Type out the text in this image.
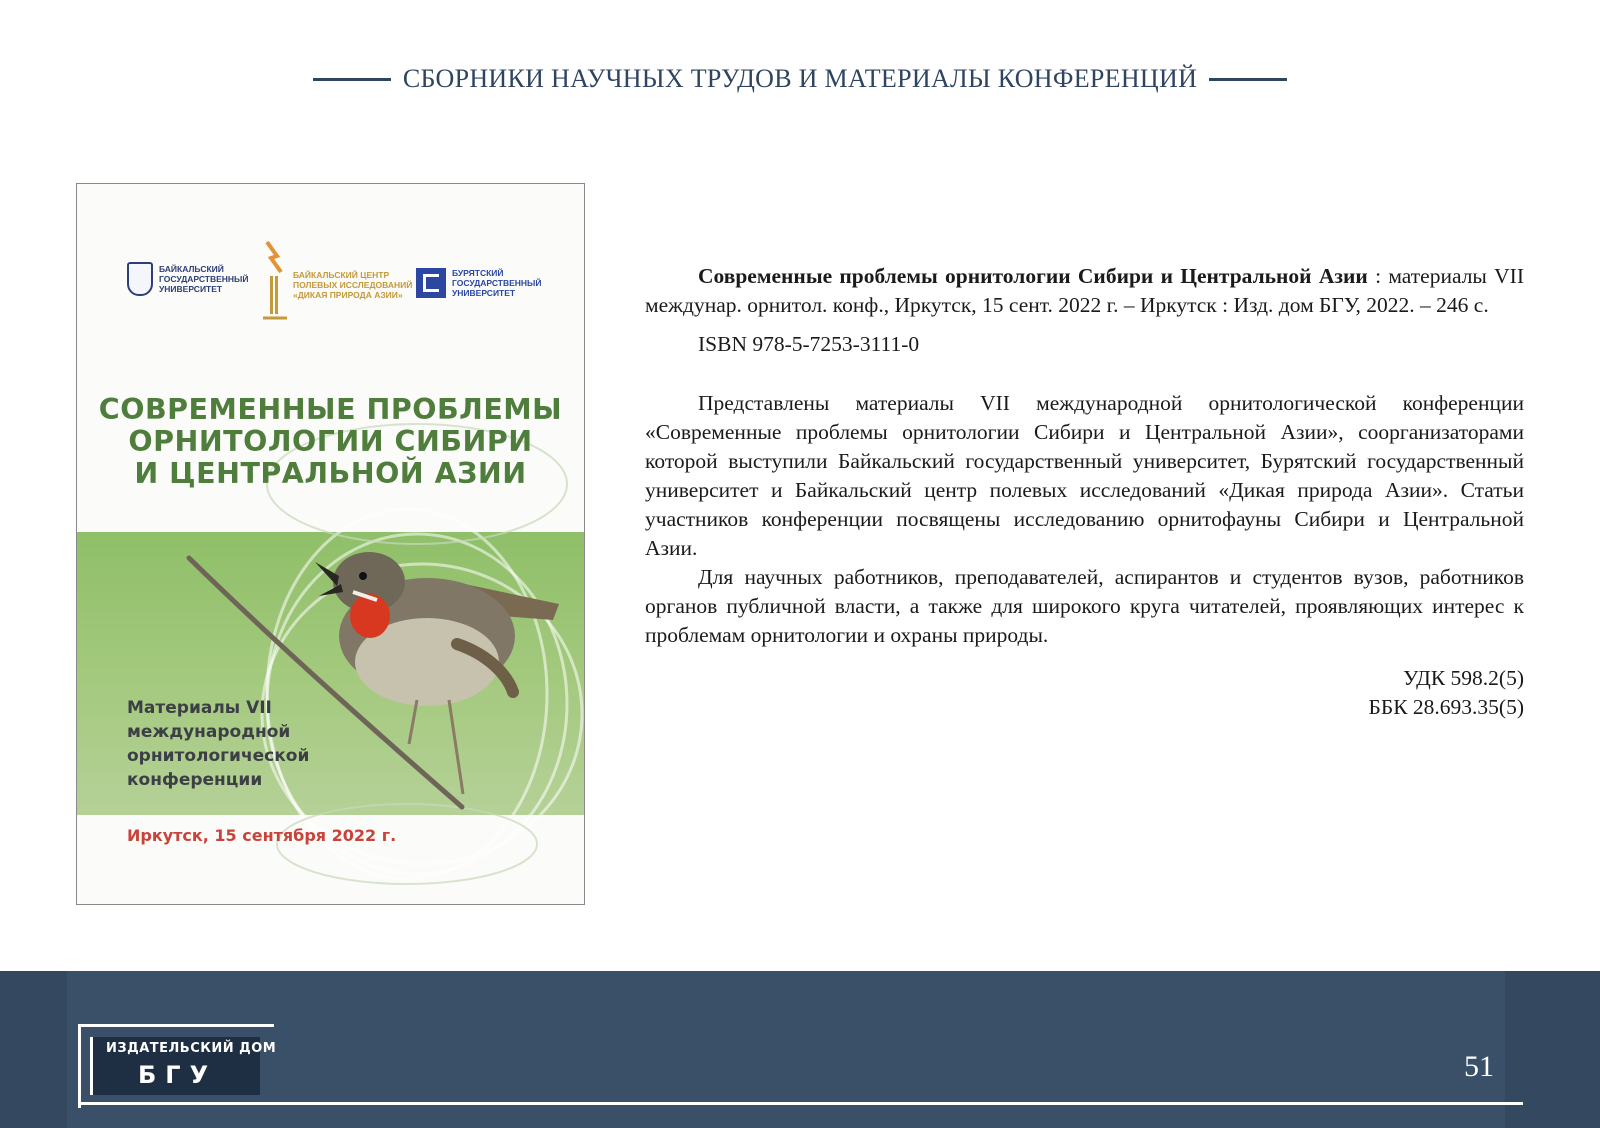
СБОРНИКИ НАУЧНЫХ ТРУДОВ И МАТЕРИАЛЫ КОНФЕРЕНЦИЙ
БАЙКАЛЬСКИЙ ГОСУДАРСТВЕННЫЙ УНИВЕРСИТЕТ
БАЙКАЛЬСКИЙ ЦЕНТР ПОЛЕВЫХ ИССЛЕДОВАНИЙ «ДИКАЯ ПРИРОДА АЗИИ»
БУРЯТСКИЙ ГОСУДАРСТВЕННЫЙ УНИВЕРСИТЕТ
СОВРЕМЕННЫЕ ПРОБЛЕМЫ
ОРНИТОЛОГИИ СИБИРИ
И ЦЕНТРАЛЬНОЙ АЗИИ
Материалы VII международной орнитологической конференции
Иркутск, 15 сентября 2022 г.

Современные проблемы орнитологии Сибири и Центральной Азии : материалы VII междунар. орнитол. конф., Иркутск, 15 сент. 2022 г. – Иркутск : Изд. дом БГУ, 2022. – 246 с.

ISBN 978-5-7253-3111-0

Представлены материалы VII международной орнитологической конференции «Современные проблемы орнитологии Сибири и Центральной Азии», соорганизаторами которой выступили Байкальский государственный университет, Бурятский государственный университет и Байкальский центр полевых исследований «Дикая природа Азии». Статьи участников конференции посвящены исследованию орнитофауны Сибири и Центральной Азии.

Для научных работников, преподавателей, аспирантов и студентов вузов, работников органов публичной власти, а также для широкого круга читателей, проявляющих интерес к проблемам орнитологии и охраны природы.

УДК 598.2(5)
ББК 28.693.35(5)
ИЗДАТЕЛЬСКИЙ ДОМ
БГУ	51
